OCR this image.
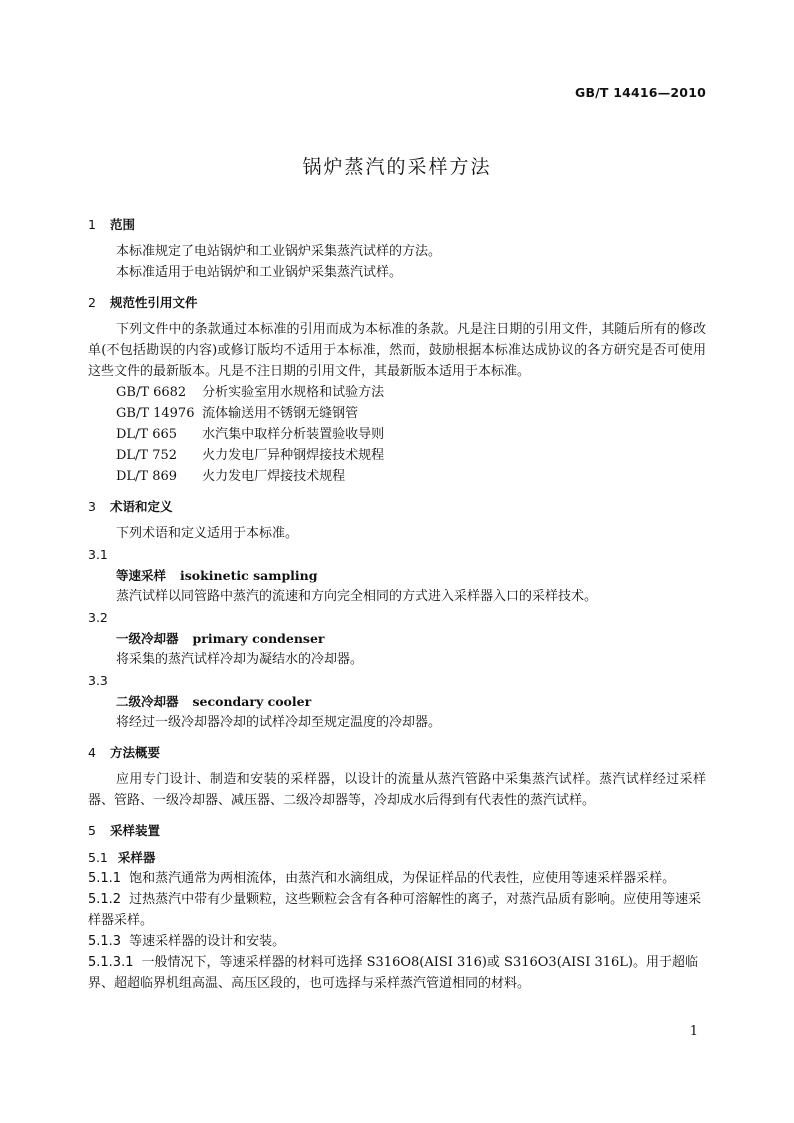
GB/T 14416—2010
锅炉蒸汽的采样方法
1 范围

本标准规定了电站锅炉和工业锅炉采集蒸汽试样的方法。

本标准适用于电站锅炉和工业锅炉采集蒸汽试样。

2 规范性引用文件

下列文件中的条款通过本标准的引用而成为本标准的条款。凡是注日期的引用文件，其随后所有的修改单(不包括勘误的内容)或修订版均不适用于本标准，然而，鼓励根据本标准达成协议的各方研究是否可使用这些文件的最新版本。凡是不注日期的引用文件，其最新版本适用于本标准。

GB/T 6682 分析实验室用水规格和试验方法

GB/T 14976 流体输送用不锈钢无缝钢管

DL/T 665 水汽集中取样分析装置验收导则

DL/T 752 火力发电厂异种钢焊接技术规程

DL/T 869 火力发电厂焊接技术规程

3 术语和定义

下列术语和定义适用于本标准。

3.1

等速采样 isokinetic sampling

蒸汽试样以同管路中蒸汽的流速和方向完全相同的方式进入采样器入口的采样技术。

3.2

一级冷却器 primary condenser

将采集的蒸汽试样冷却为凝结水的冷却器。

3.3

二级冷却器 secondary cooler

将经过一级冷却器冷却的试样冷却至规定温度的冷却器。

4 方法概要

应用专门设计、制造和安装的采样器，以设计的流量从蒸汽管路中采集蒸汽试样。蒸汽试样经过采样器、管路、一级冷却器、减压器、二级冷却器等，冷却成水后得到有代表性的蒸汽试样。

5 采样装置

5.1 采样器

5.1.1 饱和蒸汽通常为两相流体，由蒸汽和水滴组成，为保证样品的代表性，应使用等速采样器采样。

5.1.2 过热蒸汽中带有少量颗粒，这些颗粒会含有各种可溶解性的离子，对蒸汽品质有影响。应使用等速采样器采样。

5.1.3 等速采样器的设计和安装。

5.1.3.1 一般情况下，等速采样器的材料可选择 S316O8(AISI 316)或 S316O3(AISI 316L)。用于超临界、超超临界机组高温、高压区段的，也可选择与采样蒸汽管道相同的材料。

1
